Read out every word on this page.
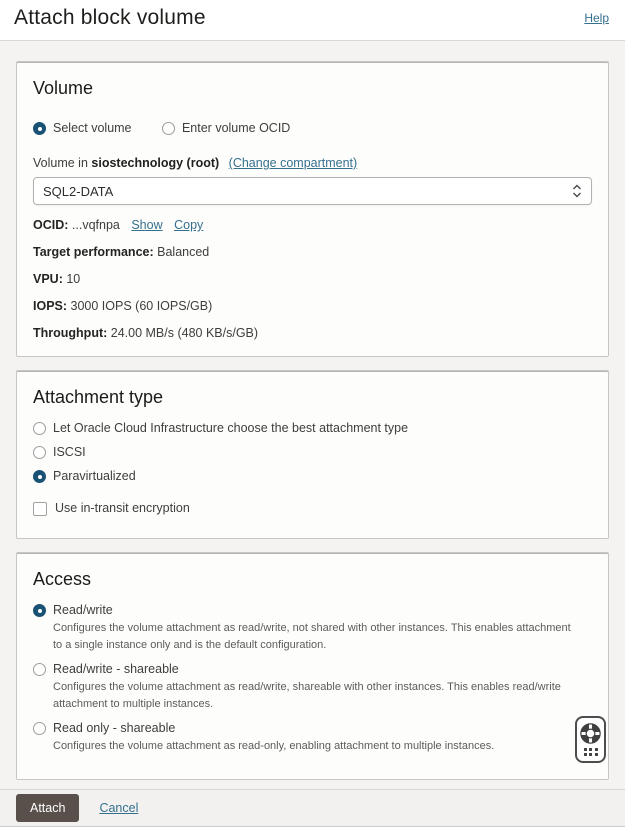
Attach block volume	Help
Volume
Select volume
	Enter volume OCID
Volume in siostechnology (root) (Change compartment)
SQL2-DATA
OCID: ...vqfnpa Show Copy
Target performance: Balanced
VPU: 10
IOPS: 3000 IOPS (60 IOPS/GB)
Throughput: 24.00 MB/s (480 KB/s/GB)
Attachment type
Let Oracle Cloud Infrastructure choose the best attachment type
ISCSI
Paravirtualized
Use in-transit encryption
Access
Read/write
Configures the volume attachment as read/write, not shared with other instances. This enables attachment to a single instance only and is the default configuration.
Read/write - shareable
Configures the volume attachment as read/write, shareable with other instances. This enables read/write attachment to multiple instances.
Read only - shareable
Configures the volume attachment as read-only, enabling attachment to multiple instances.
Attach	Cancel
